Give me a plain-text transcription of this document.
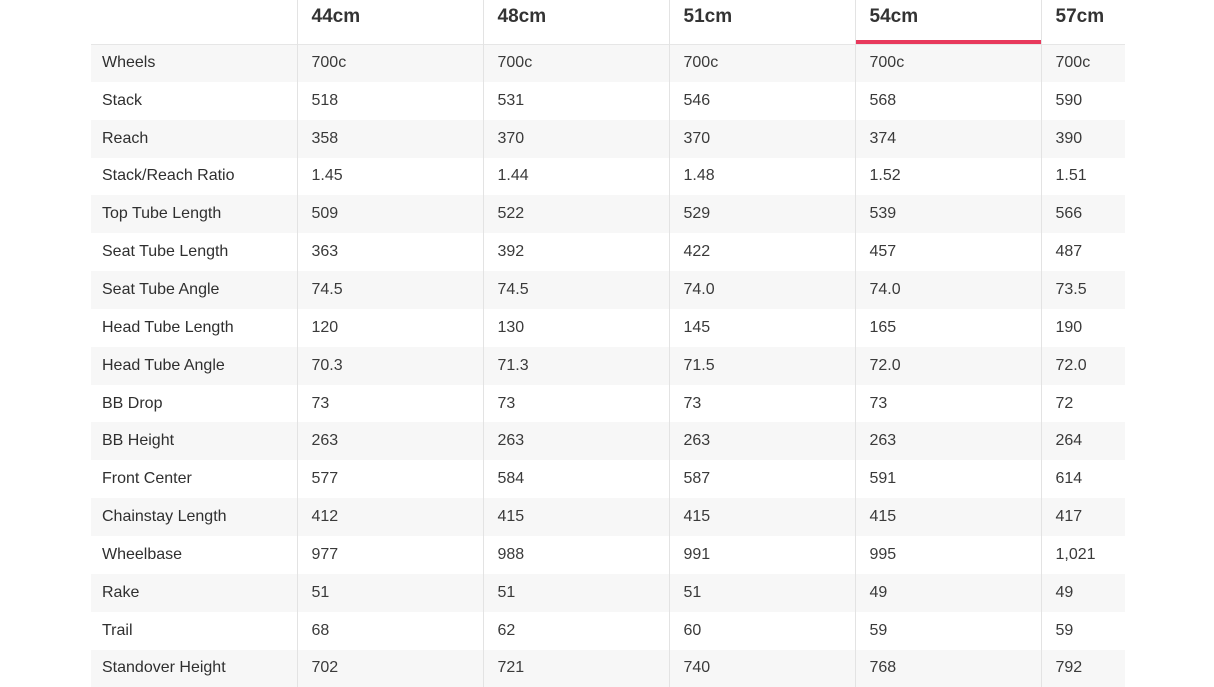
	44cm	48cm	51cm	54cm	57cm
Wheels	700c	700c	700c	700c	700c
Stack	518	531	546	568	590
Reach	358	370	370	374	390
Stack/Reach Ratio	1.45	1.44	1.48	1.52	1.51
Top Tube Length	509	522	529	539	566
Seat Tube Length	363	392	422	457	487
Seat Tube Angle	74.5	74.5	74.0	74.0	73.5
Head Tube Length	120	130	145	165	190
Head Tube Angle	70.3	71.3	71.5	72.0	72.0
BB Drop	73	73	73	73	72
BB Height	263	263	263	263	264
Front Center	577	584	587	591	614
Chainstay Length	412	415	415	415	417
Wheelbase	977	988	991	995	1,021
Rake	51	51	51	49	49
Trail	68	62	60	59	59
Standover Height	702	721	740	768	792
